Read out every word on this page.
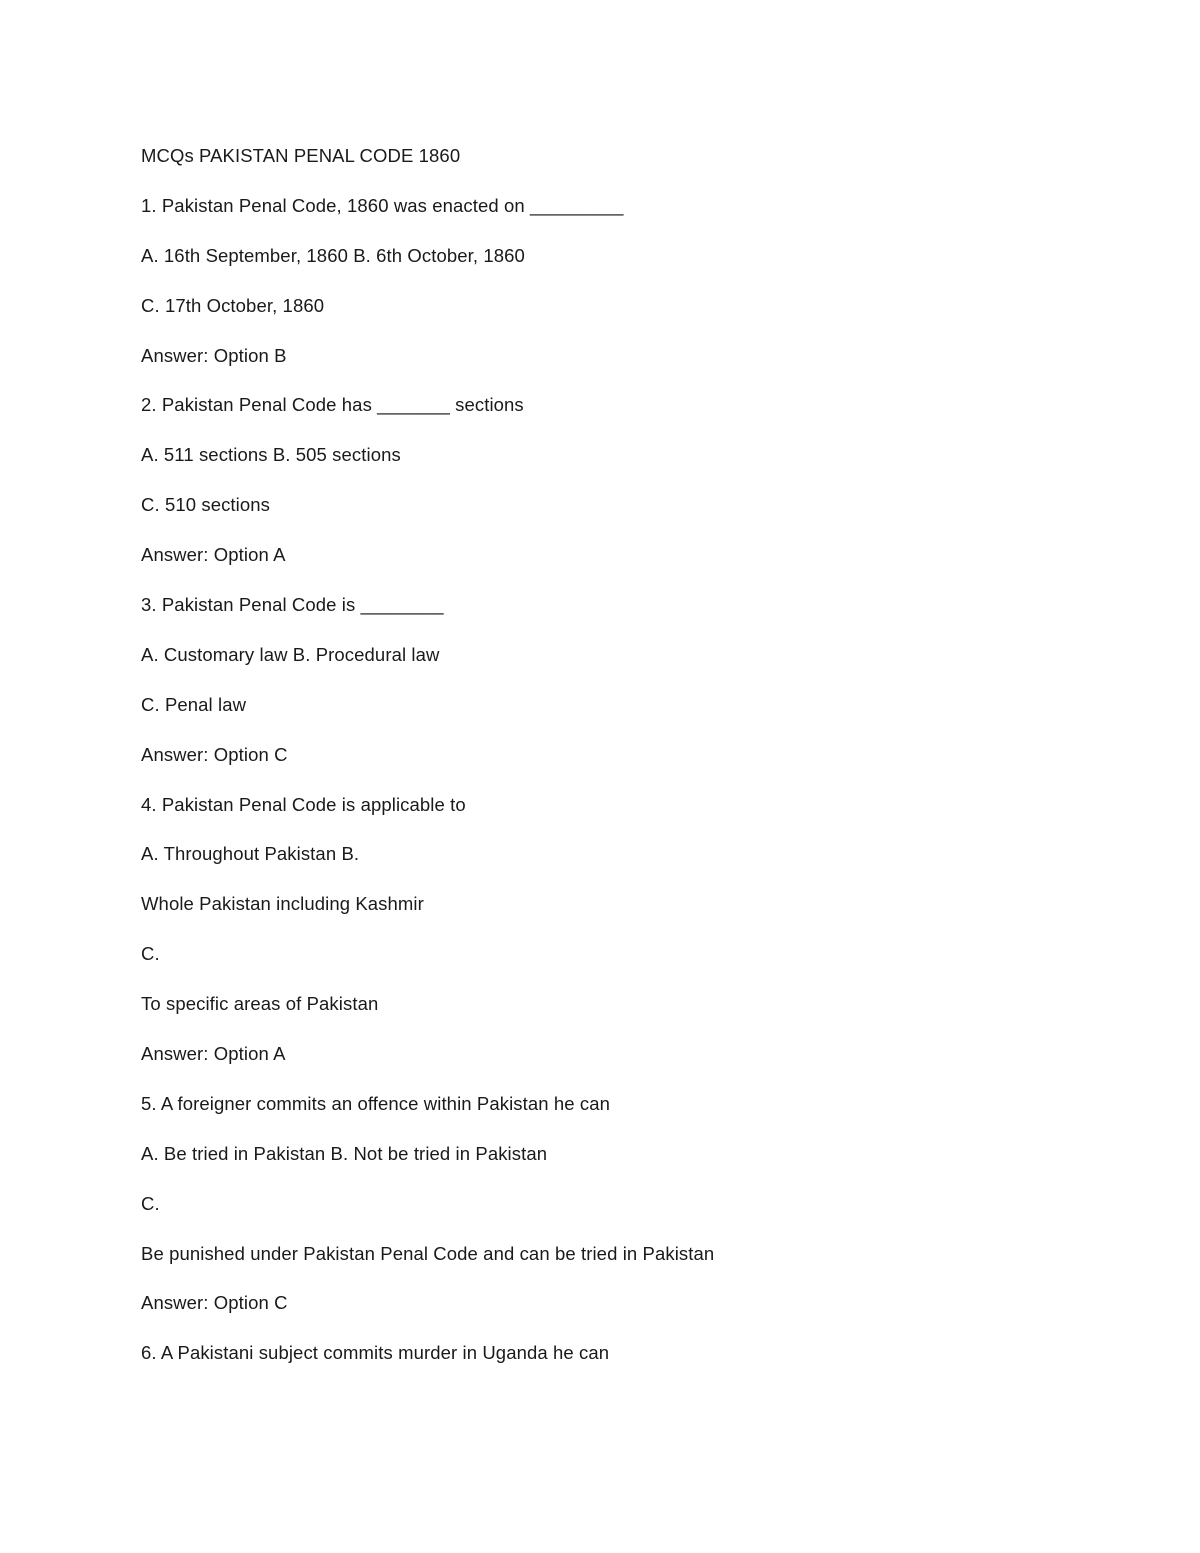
MCQs PAKISTAN PENAL CODE 1860

1. Pakistan Penal Code, 1860 was enacted on _________

A. 16th September, 1860 B. 6th October, 1860

C. 17th October, 1860

Answer: Option B

2. Pakistan Penal Code has _______ sections

A. 511 sections B. 505 sections

C. 510 sections

Answer: Option A

3. Pakistan Penal Code is ________

A. Customary law B. Procedural law

C. Penal law

Answer: Option C

4. Pakistan Penal Code is applicable to

A. Throughout Pakistan B.

Whole Pakistan including Kashmir

C.

To specific areas of Pakistan

Answer: Option A

5. A foreigner commits an offence within Pakistan he can

A. Be tried in Pakistan B. Not be tried in Pakistan

C.

Be punished under Pakistan Penal Code and can be tried in Pakistan

Answer: Option C

6. A Pakistani subject commits murder in Uganda he can
